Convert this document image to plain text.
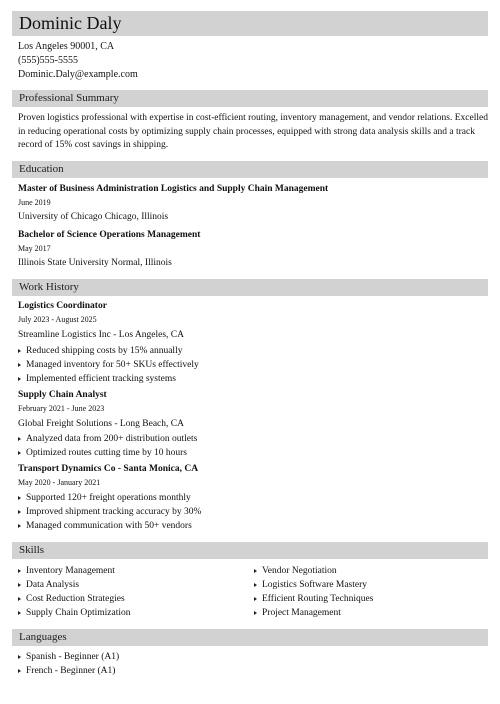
Dominic Daly
Los Angeles 90001, CA
(555)555-5555
Dominic.Daly@example.com
Professional Summary
Proven logistics professional with expertise in cost-efficient routing, inventory management, and vendor relations. Excelled in reducing operational costs by optimizing supply chain processes, equipped with strong data analysis skills and a track record of 15% cost savings in shipping.
Education
Master of Business Administration Logistics and Supply Chain Management
June 2019
University of Chicago Chicago, Illinois
Bachelor of Science Operations Management
May 2017
Illinois State University Normal, Illinois
Work History
Logistics Coordinator
July 2023 - August 2025
Streamline Logistics Inc - Los Angeles, CA
Reduced shipping costs by 15% annually
Managed inventory for 50+ SKUs effectively
Implemented efficient tracking systems
Supply Chain Analyst
February 2021 - June 2023
Global Freight Solutions - Long Beach, CA
Analyzed data from 200+ distribution outlets
Optimized routes cutting time by 10 hours
Transport Dynamics Co - Santa Monica, CA
May 2020 - January 2021
Supported 120+ freight operations monthly
Improved shipment tracking accuracy by 30%
Managed communication with 50+ vendors
Skills
Inventory Management
Data Analysis
Cost Reduction Strategies
Supply Chain Optimization
Vendor Negotiation
Logistics Software Mastery
Efficient Routing Techniques
Project Management
Languages
Spanish - Beginner (A1)
French - Beginner (A1)
